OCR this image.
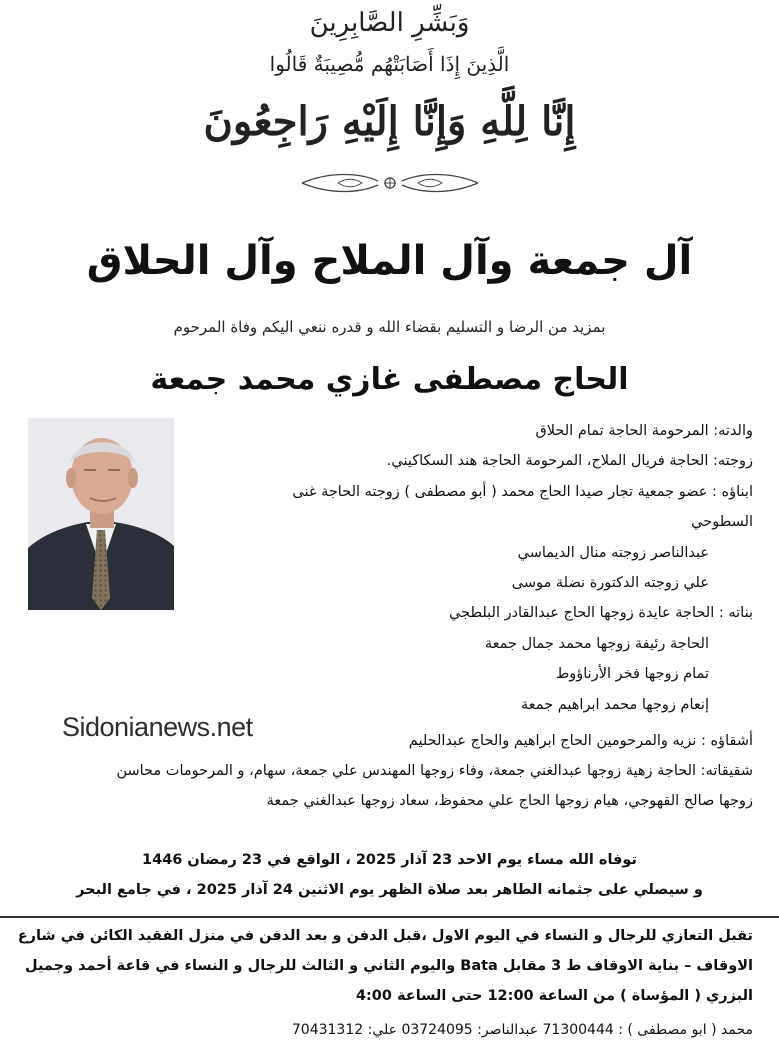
وَبَشِّرِ الصَّابِرِينَ
الَّذِينَ إِذَا أَصَابَتْهُم مُّصِيبَةٌ قَالُوا
إِنَّا لِلَّهِ وَإِنَّا إِلَيْهِ رَاجِعُونَ
آل جمعة وآل الملاح وآل الحلاق
بمزيد من الرضا و التسليم بقضاء الله و قدره ننعي اليكم وفاة المرحوم
الحاج مصطفى غازي محمد جمعة
والدته: المرحومة الحاجة تمام الحلاق
زوجته: الحاجة فريال الملاح، المرحومة الحاجة هند السكاكيني.
ابناؤه : عضو جمعية تجار صيدا الحاج محمد ( أبو مصطفى ) زوجته الحاجة غنى
السطوحي
عبدالناصر زوجته منال الديماسي
علي زوجته الدكتورة نضلة موسى
بناته : الحاجة عايدة زوجها الحاج عبدالقادر البلطجي
الحاجة رئيفة زوجها محمد جمال جمعة
تمام زوجها فخر الأرناؤوط
إنعام زوجها محمد ابراهيم جمعة
أشقاؤه : نزيه والمرحومين الحاج ابراهيم والحاج عبدالحليم
شقيقاته: الحاجة زهية زوجها عبدالغني جمعة، وفاء زوجها المهندس علي جمعة، سهام، و المرحومات محاسن
زوجها صالح القهوجي، هيام زوجها الحاج علي محفوظ، سعاد زوجها عبدالغني جمعة
Sidonianews.net
توفاه الله مساء يوم الاحد 23 آذار 2025 ، الواقع في 23 رمضان 1446
و سيصلي على جثمانه الطاهر بعد صلاة الظهر يوم الاثنين 24 آذار 2025 ، في جامع البحر
تقبل التعازي للرجال و النساء في اليوم الاول ،قبل الدفن و بعد الدفن في منزل الفقيد الكائن في شارع
الاوقاف – بناية الاوقاف ط 3 مقابل Bata واليوم الثاني و الثالث للرجال و النساء في قاعة أحمد وجميل
البزري ( المؤساة ) من الساعة 12:00 حتى الساعة 4:00
محمد ( ابو مصطفى ) : 71300444 عبدالناصر: 03724095 علي: 70431312
